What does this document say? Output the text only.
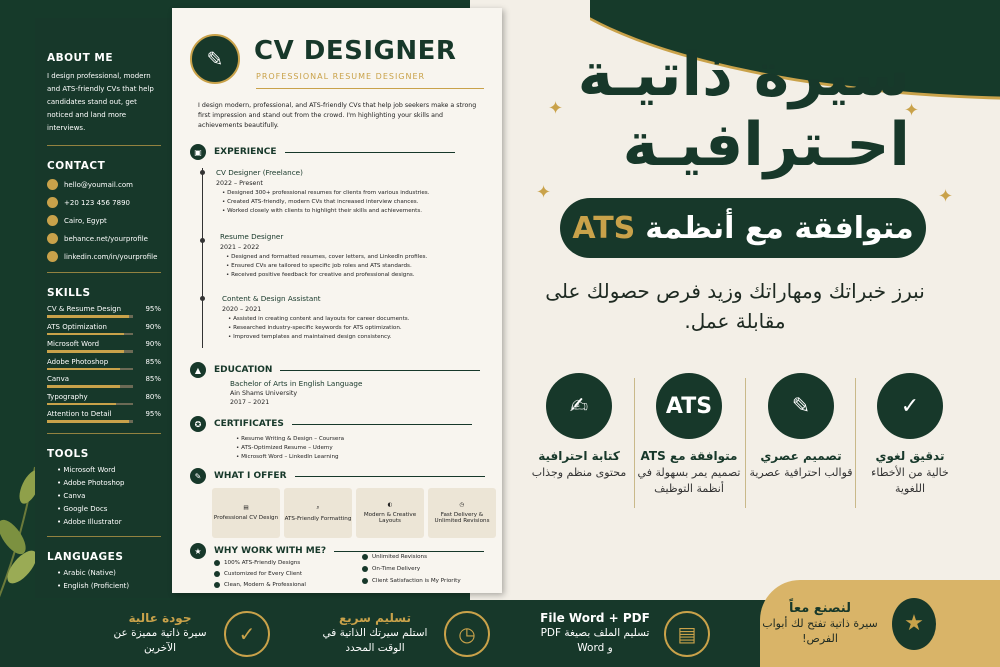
ABOUT ME

I design professional, modern and ATS-friendly CVs that help candidates stand out, get noticed and land more interviews.

CONTACT
hello@youmail.com
+20 123 456 7890
Cairo, Egypt
behance.net/yourprofile
linkedin.com/in/yourprofile
SKILLS
CV & Resume Design	95%
ATS Optimization	90%
Microsoft Word	90%
Adobe Photoshop	85%
Canva	85%
Typography	80%
Attention to Detail	95%
TOOLS
• Microsoft Word
• Adobe Photoshop
• Canva
• Google Docs
• Adobe Illustrator
LANGUAGES
• Arabic (Native)
• English (Proficient)
✎	CV DESIGNER
PROFESSIONAL RESUME DESIGNER
I design modern, professional, and ATS-friendly CVs that help job seekers make a strong first impression and stand out from the crowd. I'm highlighting your skills and achievements beautifully.
▣	EXPERIENCE
CV Designer (Freelance)
2022 – Present
• Designed 300+ professional resumes for clients from various industries.
• Created ATS-friendly, modern CVs that increased interview chances.
• Worked closely with clients to highlight their skills and achievements.
Resume Designer
2021 – 2022
• Designed and formatted resumes, cover letters, and LinkedIn profiles.
• Ensured CVs are tailored to specific job roles and ATS standards.
• Received positive feedback for creative and professional designs.
Content & Design Assistant
2020 – 2021
• Assisted in creating content and layouts for career documents.
• Researched industry-specific keywords for ATS optimization.
• Improved templates and maintained design consistency.
▲	EDUCATION
Bachelor of Arts in English Language
Ain Shams University
2017 – 2021
✪	CERTIFICATES
• Resume Writing & Design – Coursera
• ATS-Optimized Resume – Udemy
• Microsoft Word – LinkedIn Learning
✎	WHAT I OFFER
▤
Professional CV Design
⌕
ATS-Friendly Formatting
◐
Modern & Creative Layouts
◷
Fast Delivery & Unlimited Revisions
★	WHY WORK WITH ME?
100% ATS-Friendly Designs
Customized for Every Client
Clean, Modern & Professional
Unlimited Revisions
On-Time Delivery
Client Satisfaction is My Priority
✦	✦
✦	✦
سيرة ذاتيـة
احـترافيـة
متوافقة مع أنظمة
ATS
نبرز خبراتك ومهاراتك وزيد فرص حصولك على مقابلة عمل.
✓
تدقيق لغوي
خالية من الأخطاء اللغوية
✎
تصميم عصري
قوالب احترافية عصرية
ATS
متوافقة مع ATS
تصميم يمر بسهولة في أنظمة التوظيف
✍
كتابة احترافية
محتوى منظم وجذاب
✓
جودة عالية
سيرة ذاتية مميزة عن الآخرين
◷
تسليم سريع
استلم سيرتك الذاتية في الوقت المحدد
▤
File Word + PDF
تسليم الملف بصيغة PDF و Word
★
لنصنع معاً
سيرة ذاتية تفتح لك أبواب الفرص!
